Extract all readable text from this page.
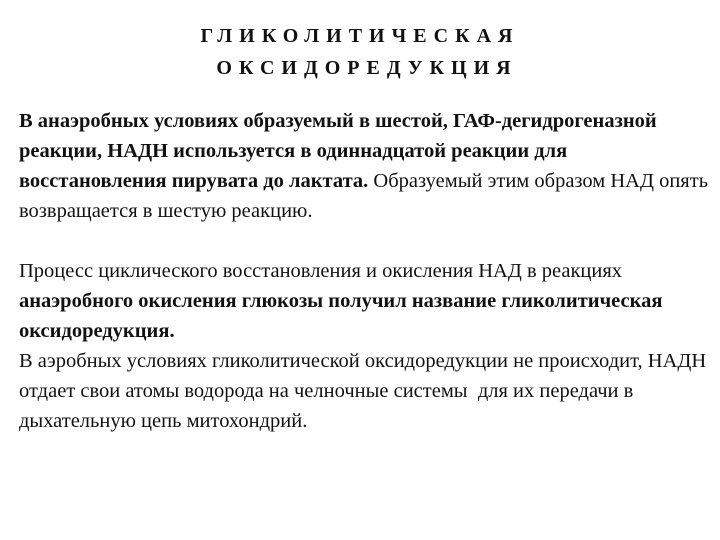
ГЛИКОЛИТИЧЕСКАЯ
ОКСИДОРЕДУКЦИЯ

В анаэробных условиях образуемый в шестой, ГАФ-дегидрогеназной реакции, НАДН используется в одиннадцатой реакции для восстановления пирувата до лактата. Образуемый этим образом НАД опять возвращается в шестую реакцию.

Процесс циклического восстановления и окисления НАД в реакциях анаэробного окисления глюкозы получил название гликолитическая оксидоредукция.

В аэробных условиях гликолитической оксидоредукции не происходит, НАДН отдает свои атомы водорода на челночные системы  для их передачи в дыхательную цепь митохондрий.
